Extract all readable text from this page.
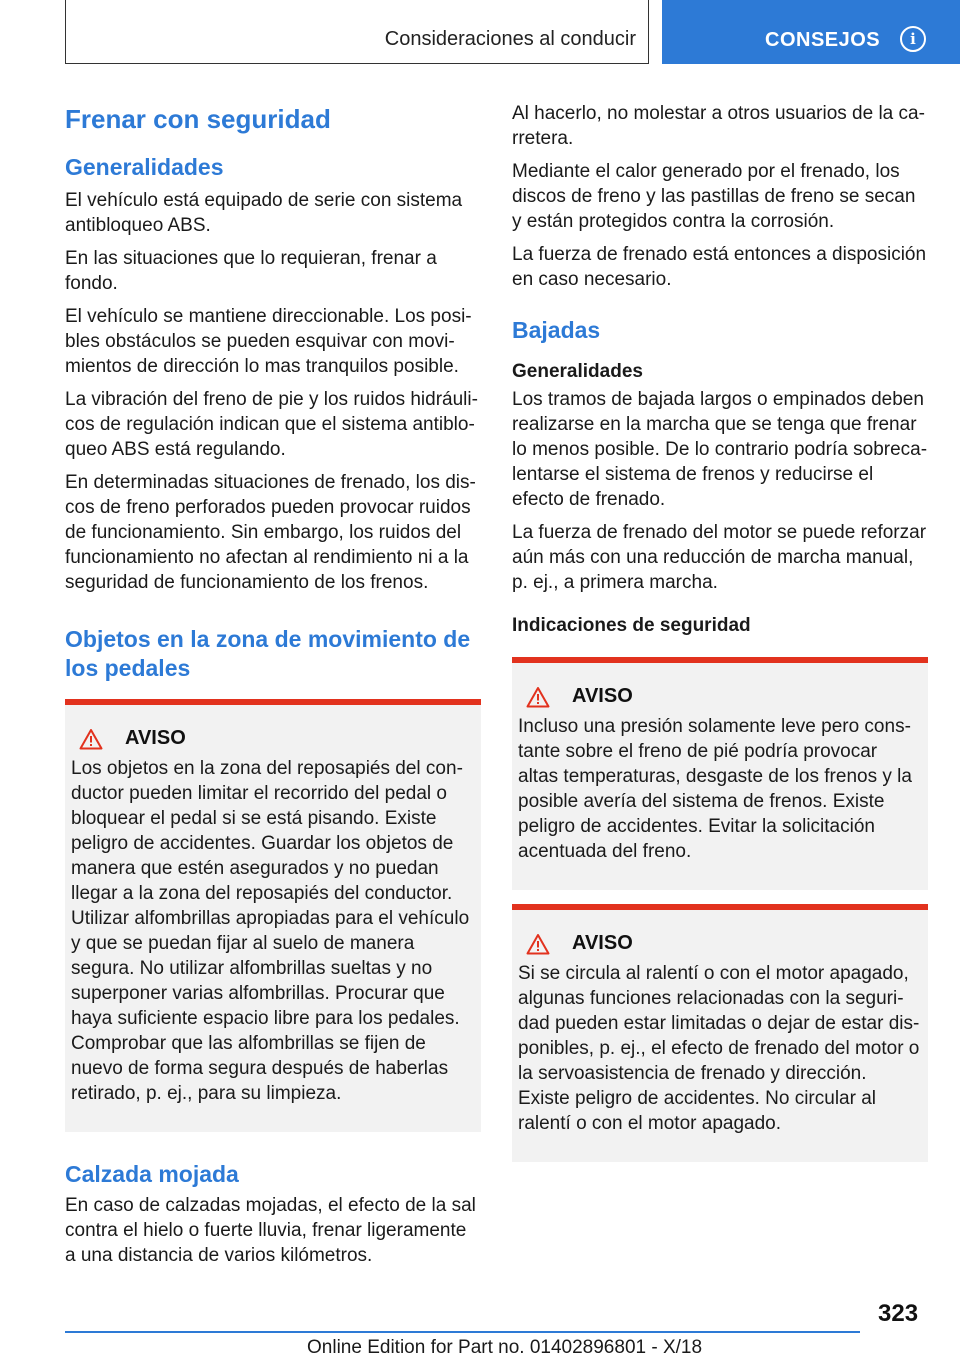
Consideraciones al conducir	CONSEJOS	i
Frenar con seguridad
Generalidades

El vehículo está equipado de serie con sistema antibloqueo ABS.

En las situaciones que lo requieran, frenar a fondo.

El vehículo se mantiene direccionable. Los posibles obstáculos se pueden esquivar con movimientos de dirección lo mas tranquilos posible.

La vibración del freno de pie y los ruidos hidráulicos de regulación indican que el sistema antibloqueo ABS está regulando.

En determinadas situaciones de frenado, los discos de freno perforados pueden provocar ruidos de funcionamiento. Sin embargo, los ruidos del funcionamiento no afectan al rendimiento ni a la seguridad de funcionamiento de los frenos.

Objetos en la zona de movimiento de los pedales
AVISO

Los objetos en la zona del reposapiés del conductor pueden limitar el recorrido del pedal o bloquear el pedal si se está pisando. Existe peligro de accidentes. Guardar los objetos de manera que estén asegurados y no puedan llegar a la zona del reposapiés del conductor. Utilizar alfombrillas apropiadas para el vehículo y que se puedan fijar al suelo de manera segura. No utilizar alfombrillas sueltas y no superponer varias alfombrillas. Procurar que haya suficiente espacio libre para los pedales. Comprobar que las alfombrillas se fijen de nuevo de forma segura después de haberlas retirado, p. ej., para su limpieza.

Calzada mojada

En caso de calzadas mojadas, el efecto de la sal contra el hielo o fuerte lluvia, frenar ligeramente a una distancia de varios kilómetros.

Al hacerlo, no molestar a otros usuarios de la carretera.

Mediante el calor generado por el frenado, los discos de freno y las pastillas de freno se secan y están protegidos contra la corrosión.

La fuerza de frenado está entonces a disposición en caso necesario.

Bajadas
Generalidades

Los tramos de bajada largos o empinados deben realizarse en la marcha que se tenga que frenar lo menos posible. De lo contrario podría sobrecalentarse el sistema de frenos y reducirse el efecto de frenado.

La fuerza de frenado del motor se puede reforzar aún más con una reducción de marcha manual, p. ej., a primera marcha.

Indicaciones de seguridad
AVISO

Incluso una presión solamente leve pero constante sobre el freno de pié podría provocar altas temperaturas, desgaste de los frenos y la posible avería del sistema de frenos. Existe peligro de accidentes. Evitar la solicitación acentuada del freno.

AVISO

Si se circula al ralentí o con el motor apagado, algunas funciones relacionadas con la seguridad pueden estar limitadas o dejar de estar disponibles, p. ej., el efecto de frenado del motor o la servoasistencia de frenado y dirección. Existe peligro de accidentes. No circular al ralentí o con el motor apagado.

323
Online Edition for Part no. 01402896801 - X/18
